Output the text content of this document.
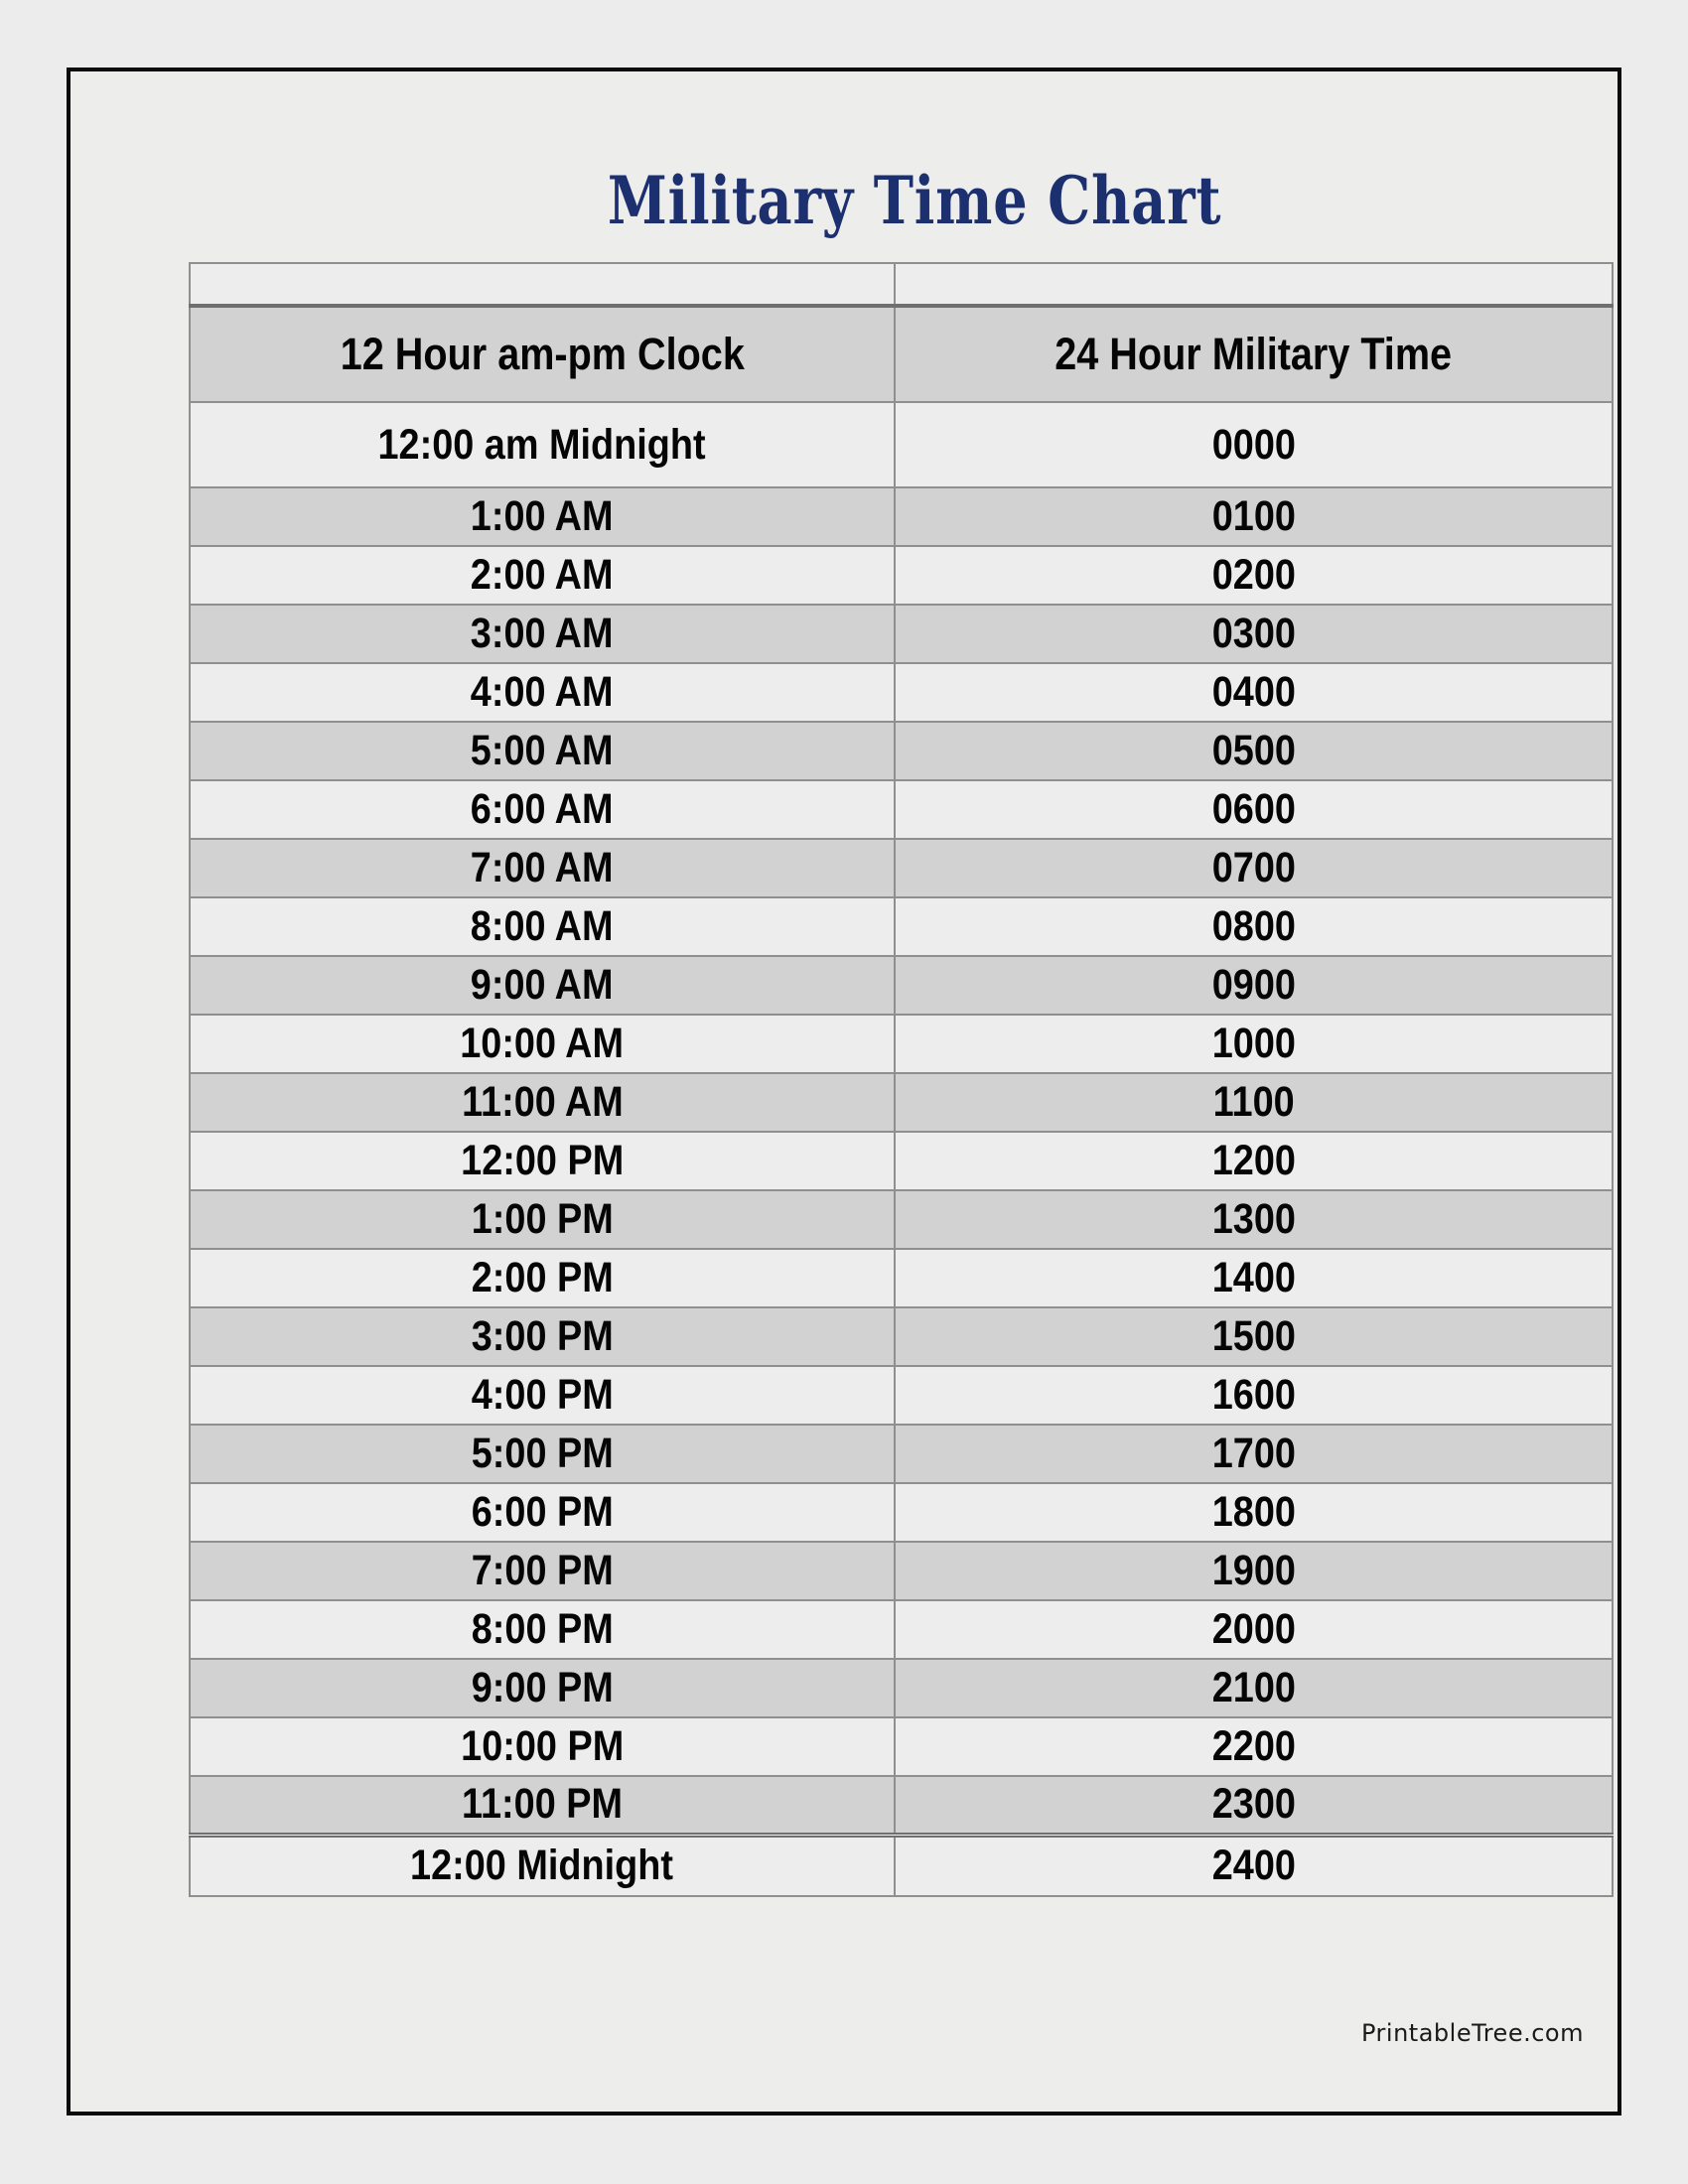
Military Time Chart

12 Hour am-pm Clock	24 Hour Military Time
12:00 am Midnight	0000
1:00 AM	0100
2:00 AM	0200
3:00 AM	0300
4:00 AM	0400
5:00 AM	0500
6:00 AM	0600
7:00 AM	0700
8:00 AM	0800
9:00 AM	0900
10:00 AM	1000
11:00 AM	1100
12:00 PM	1200
1:00 PM	1300
2:00 PM	1400
3:00 PM	1500
4:00 PM	1600
5:00 PM	1700
6:00 PM	1800
7:00 PM	1900
8:00 PM	2000
9:00 PM	2100
10:00 PM	2200
11:00 PM	2300
12:00 Midnight	2400
PrintableTree.com
